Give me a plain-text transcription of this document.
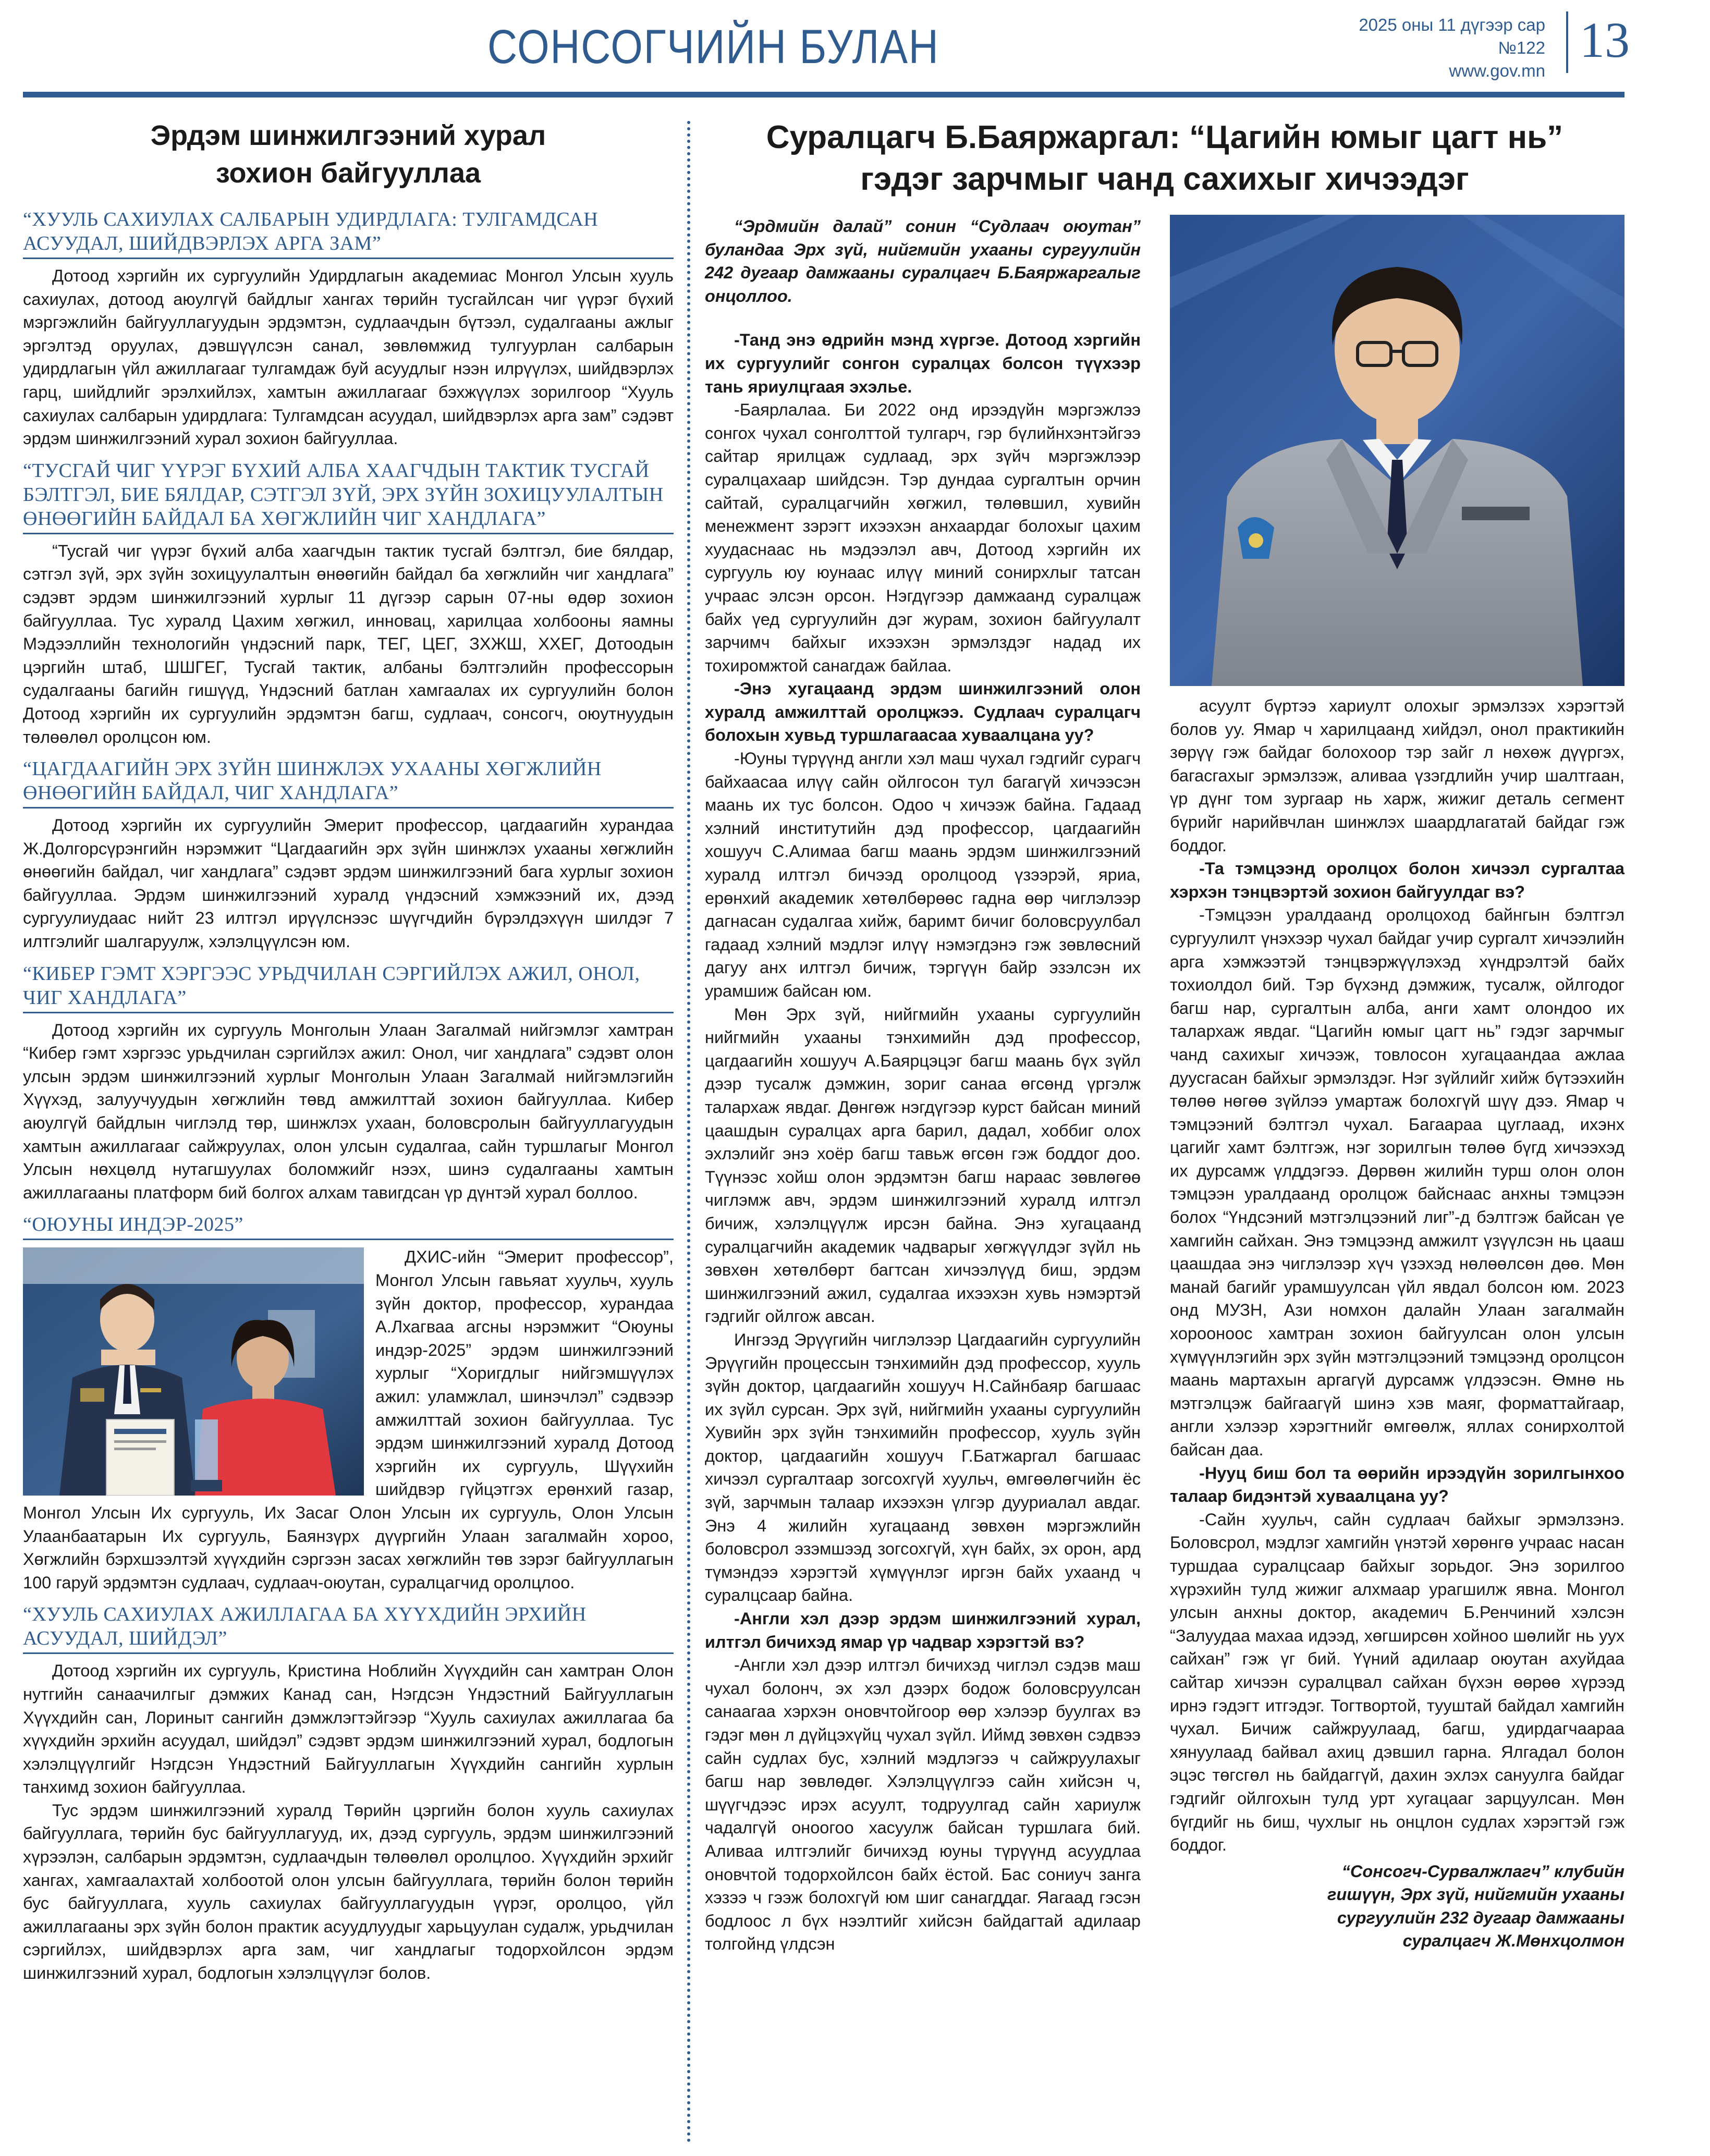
СОНСОГЧИЙН БУЛАН	2025 оны 11 дүгээр сар
№122
www.gov.mn
13
Эрдэм шинжилгээний хурал
зохион байгууллаа
“ХУУЛЬ САХИУЛАХ САЛБАРЫН УДИРДЛАГА: ТУЛГАМДСАН АСУУДАЛ, ШИЙДВЭРЛЭХ АРГА ЗАМ”

Дотоод хэргийн их сургуулийн Удирдлагын академиас Монгол Улсын хууль сахиулах, дотоод аюулгүй байдлыг хангах төрийн тусгайлсан чиг үүрэг бүхий мэргэжлийн байгууллагуудын эрдэмтэн, судлаачдын бүтээл, судалгааны ажлыг эргэлтэд оруулах, дэвшүүлсэн санал, зөвлөмжид тулгуурлан салбарын удирдлагын үйл ажиллагааг тулгамдаж буй асуудлыг нээн илрүүлэх, шийдвэрлэх гарц, шийдлийг эрэлхийлэх, хамтын ажиллагааг бэхжүүлэх зорилгоор “Хууль сахиулах салбарын удирдлага: Тулгамдсан асуудал, шийдвэрлэх арга зам” сэдэвт эрдэм шинжилгээний хурал зохион байгууллаа.

“ТУСГАЙ ЧИГ ҮҮРЭГ БҮХИЙ АЛБА ХААГЧДЫН ТАКТИК ТУСГАЙ БЭЛТГЭЛ, БИЕ БЯЛДАР, СЭТГЭЛ ЗҮЙ, ЭРХ ЗҮЙН ЗОХИЦУУЛАЛТЫН ӨНӨӨГИЙН БАЙДАЛ БА ХӨГЖЛИЙН ЧИГ ХАНДЛАГА”

“Тусгай чиг үүрэг бүхий алба хаагчдын тактик тусгай бэлтгэл, бие бялдар, сэтгэл зүй, эрх зүйн зохицуулалтын өнөөгийн байдал ба хөгжлийн чиг хандлага” сэдэвт эрдэм шинжилгээний хурлыг 11 дүгээр сарын 07-ны өдөр зохион байгууллаа. Тус хуралд Цахим хөгжил, инновац, харилцаа холбооны яамны Мэдээллийн технологийн үндэсний парк, ТЕГ, ЦЕГ, ЗХЖШ, ХХЕГ, Дотоодын цэргийн штаб, ШШГЕГ, Тусгай тактик, албаны бэлтгэлийн профессорын судалгааны багийн гишүүд, Үндэсний батлан хамгаалах их сургуулийн болон Дотоод хэргийн их сургуулийн эрдэмтэн багш, судлаач, сонсогч, оюутнуудын төлөөлөл оролцсон юм.

“ЦАГДААГИЙН ЭРХ ЗҮЙН ШИНЖЛЭХ УХААНЫ ХӨГЖЛИЙН ӨНӨӨГИЙН БАЙДАЛ, ЧИГ ХАНДЛАГА”

Дотоод хэргийн их сургуулийн Эмерит профессор, цагдаагийн хурандаа Ж.Долгорсүрэнгийн нэрэмжит “Цагдаагийн эрх зүйн шинжлэх ухааны хөгжлийн өнөөгийн байдал, чиг хандлага” сэдэвт эрдэм шинжилгээний бага хурлыг зохион байгууллаа. Эрдэм шинжилгээний хуралд үндэсний хэмжээний их, дээд сургуулиудаас нийт 23 илтгэл ирүүлснээс шүүгчдийн бүрэлдэхүүн шилдэг 7 илтгэлийг шалгаруулж, хэлэлцүүлсэн юм.

“КИБЕР ГЭМТ ХЭРГЭЭС УРЬДЧИЛАН СЭРГИЙЛЭХ АЖИЛ, ОНОЛ, ЧИГ ХАНДЛАГА”

Дотоод хэргийн их сургууль Монголын Улаан Загалмай нийгэмлэг хамтран “Кибер гэмт хэргээс урьдчилан сэргийлэх ажил: Онол, чиг хандлага” сэдэвт олон улсын эрдэм шинжилгээний хурлыг Монголын Улаан Загалмай нийгэмлэгийн Хүүхэд, залуучуудын хөгжлийн төвд амжилттай зохион байгууллаа. Кибер аюулгүй байдлын чиглэлд төр, шинжлэх ухаан, боловсролын байгууллагуудын хамтын ажиллагааг сайжруулах, олон улсын судалгаа, сайн туршлагыг Монгол Улсын нөхцөлд нутагшуулах боломжийг нээх, шинэ судалгааны хамтын ажиллагааны платформ бий болгох алхам тавигдсан үр дүнтэй хурал боллоо.

“ОЮУНЫ ИНДЭР-2025”

ДХИС-ийн “Эмерит профессор”, Монгол Улсын гавьяат хуульч, хууль зүйн доктор, профессор, хурандаа А.Лхагваа агсны нэрэмжит “Оюуны индэр-2025” эрдэм шинжилгээний хурлыг “Хоригдлыг нийгэмшүүлэх ажил: уламжлал, шинэчлэл” сэдвээр амжилттай зохион байгууллаа. Тус эрдэм шинжилгээний хуралд Дотоод хэргийн их сургууль, Шүүхийн шийдвэр гүйцэтгэх ерөнхий газар, Монгол Улсын Их сургууль, Их Засаг Олон Улсын их сургууль, Олон Улсын Улаанбаатарын Их сургууль, Баянзүрх дүүргийн Улаан загалмайн хороо, Хөгжлийн бэрхшээлтэй хүүхдийн сэргээн засах хөгжлийн төв зэрэг байгууллагын 100 гаруй эрдэмтэн судлаач, судлаач-оюутан, суралцагчид оролцлоо.

“ХУУЛЬ САХИУЛАХ АЖИЛЛАГАА БА ХҮҮХДИЙН ЭРХИЙН АСУУДАЛ, ШИЙДЭЛ”

Дотоод хэргийн их сургууль, Кристина Ноблийн Хүүхдийн сан хамтран Олон нутгийн санаачилгыг дэмжих Канад сан, Нэгдсэн Үндэстний Байгууллагын Хүүхдийн сан, Лориныт сангийн дэмжлэгтэйгээр “Хууль сахиулах ажиллагаа ба хүүхдийн эрхийн асуудал, шийдэл” сэдэвт эрдэм шинжилгээний хурал, бодлогын хэлэлцүүлгийг Нэгдсэн Үндэстний Байгууллагын Хүүхдийн сангийн хурлын танхимд зохион байгууллаа.

Тус эрдэм шинжилгээний хуралд Төрийн цэргийн болон хууль сахиулах байгууллага, төрийн бус байгууллагууд, их, дээд сургууль, эрдэм шинжилгээний хүрээлэн, салбарын эрдэмтэн, судлаачдын төлөөлөл оролцлоо. Хүүхдийн эрхийг хангах, хамгаалахтай холбоотой олон улсын байгууллага, төрийн болон төрийн бус байгууллага, хууль сахиулах байгууллагуудын үүрэг, оролцоо, үйл ажиллагааны эрх зүйн болон практик асуудлуудыг харьцуулан судалж, урьдчилан сэргийлэх, шийдвэрлэх арга зам, чиг хандлагыг тодорхойлсон эрдэм шинжилгээний хурал, бодлогын хэлэлцүүлэг болов.

Суралцагч Б.Баяржаргал: “Цагийн юмыг цагт нь”
гэдэг зарчмыг чанд сахихыг хичээдэг

“Эрдмийн далай” сонин “Судлаач оюутан” буландаа Эрх зүй, нийгмийн ухааны сургуулийн 242 дугаар дамжааны суралцагч Б.Баяржаргалыг онцоллоо.

-Танд энэ өдрийн мэнд хүргэе. Дотоод хэргийн их сургуулийг сонгон суралцах болсон түүхээр тань яриулцгаая эхэлье.

-Баярлалаа. Би 2022 онд ирээдүйн мэргэжлээ сонгох чухал сонголттой тулгарч, гэр бүлийнхэнтэйгээ сайтар ярилцаж судлаад, эрх зүйч мэргэжлээр суралцахаар шийдсэн. Тэр дундаа сургалтын орчин сайтай, суралцагчийн хөгжил, төлөвшил, хувийн менежмент зэрэгт ихээхэн анхаардаг болохыг цахим хуудаснаас нь мэдээлэл авч, Дотоод хэргийн их сургууль юу юунаас илүү миний сонирхлыг татсан учраас элсэн орсон. Нэгдүгээр дамжаанд суралцаж байх үед сургуулийн дэг журам, зохион байгуулалт зарчимч байхыг ихээхэн эрмэлздэг надад их тохиромжтой санагдаж байлаа.

-Энэ хугацаанд эрдэм шинжилгээний олон хуралд амжилттай оролцжээ. Судлаач суралцагч болохын хувьд туршлагаасаа хуваалцана уу?

-Юуны түрүүнд англи хэл маш чухал гэдгийг сурагч байхаасаа илүү сайн ойлгосон тул багагүй хичээсэн маань их тус болсон. Одоо ч хичээж байна. Гадаад хэлний институтийн дэд профессор, цагдаагийн хошууч С.Алимаа багш маань эрдэм шинжилгээний хуралд илтгэл бичээд оролцоод үзээрэй, яриа, ерөнхий академик хөтөлбөрөөс гадна өөр чиглэлээр дагнасан судалгаа хийж, баримт бичиг боловсруулбал гадаад хэлний мэдлэг илүү нэмэгдэнэ гэж зөвлөсний дагуу анх илтгэл бичиж, тэргүүн байр эзэлсэн их урамшиж байсан юм.

Мөн Эрх зүй, нийгмийн ухааны сургуулийн нийгмийн ухааны тэнхимийн дэд профессор, цагдаагийн хошууч А.Баярцэцэг багш маань бүх зүйл дээр тусалж дэмжин, зориг санаа өгсөнд үргэлж талархаж явдаг. Дөнгөж нэгдүгээр курст байсан миний цаашдын суралцах арга барил, дадал, хоббиг олох эхлэлийг энэ хоёр багш тавьж өгсөн гэж боддог доо. Түүнээс хойш олон эрдэмтэн багш нараас зөвлөгөө чиглэмж авч, эрдэм шинжилгээний хуралд илтгэл бичиж, хэлэлцүүлж ирсэн байна. Энэ хугацаанд суралцагчийн академик чадварыг хөгжүүлдэг зүйл нь зөвхөн хөтөлбөрт багтсан хичээлүүд биш, эрдэм шинжилгээний ажил, судалгаа ихээхэн хувь нэмэртэй гэдгийг ойлгож авсан.

Ингээд Эрүүгийн чиглэлээр Цагдаагийн сургуулийн Эрүүгийн процессын тэнхимийн дэд профессор, хууль зүйн доктор, цагдаагийн хошууч Н.Сайнбаяр багшаас их зүйл сурсан. Эрх зүй, нийгмийн ухааны сургуулийн Хувийн эрх зүйн тэнхимийн профессор, хууль зүйн доктор, цагдаагийн хошууч Г.Батжаргал багшаас хичээл сургалтаар зогсохгүй хуульч, өмгөөлөгчийн ёс зүй, зарчмын талаар ихээхэн үлгэр дууриалал авдаг. Энэ 4 жилийн хугацаанд зөвхөн мэргэжлийн боловсрол эзэмшээд зогсохгүй, хүн байх, эх орон, ард түмэндээ хэрэгтэй хүмүүнлэг иргэн байх ухаанд ч суралцсаар байна.

-Англи хэл дээр эрдэм шинжилгээний хурал, илтгэл бичихэд ямар үр чадвар хэрэгтэй вэ?

-Англи хэл дээр илтгэл бичихэд чиглэл сэдэв маш чухал болонч, эх хэл дээрх бодож боловсруулсан санаагаа хэрхэн оновчтойгоор өөр хэлээр буулгах вэ гэдэг мөн л дүйцэхүйц чухал зүйл. Иймд зөвхөн сэдвээ сайн судлах бус, хэлний мэдлэгээ ч сайжруулахыг багш нар зөвлөдөг. Хэлэлцүүлгээ сайн хийсэн ч, шүүгчдээс ирэх асуулт, тодруулгад сайн хариулж чадалгүй оноогоо хасуулж байсан туршлага бий. Аливаа илтгэлийг бичихэд юуны түрүүнд асуудлаа оновчтой тодорхойлсон байх ёстой. Бас сониуч занга хэзээ ч гээж болохгүй юм шиг санагддаг. Яагаад гэсэн бодлоос л бүх нээлтийг хийсэн байдагтай адилаар толгойнд үлдсэн

асуулт бүртээ хариулт олохыг эрмэлзэх хэрэгтэй болов уу. Ямар ч харилцаанд хийдэл, онол практикийн зөрүү гэж байдаг болохоор тэр зайг л нөхөж дүүргэх, багасгахыг эрмэлзэж, аливаа үзэгдлийн учир шалтгаан, үр дүнг том зургаар нь харж, жижиг деталь сегмент бүрийг нарийвчлан шинжлэх шаардлагатай байдаг гэж боддог.

-Та тэмцээнд оролцох болон хичээл сургалтаа хэрхэн тэнцвэртэй зохион байгуулдаг вэ?

-Тэмцээн уралдаанд оролцоход байнгын бэлтгэл сургуулилт үнэхээр чухал байдаг учир сургалт хичээлийн арга хэмжээтэй тэнцвэржүүлэхэд хүндрэлтэй байх тохиолдол бий. Тэр бүхэнд дэмжиж, тусалж, ойлгодог багш нар, сургалтын алба, анги хамт олондоо их талархаж явдаг. “Цагийн юмыг цагт нь” гэдэг зарчмыг чанд сахихыг хичээж, товлосон хугацаандаа ажлаа дуусгасан байхыг эрмэлздэг. Нэг зүйлийг хийж бүтээхийн төлөө нөгөө зүйлээ умартаж болохгүй шүү дээ. Ямар ч тэмцээний бэлтгэл чухал. Багаараа цуглаад, ихэнх цагийг хамт бэлтгэж, нэг зорилгын төлөө бүгд хичээхэд их дурсамж үлддэгээ. Дөрвөн жилийн турш олон олон тэмцээн уралдаанд оролцож байснаас анхны тэмцээн болох “Үндсэний мэтгэлцээний лиг”-д бэлтгэж байсан үе хамгийн сайхан. Энэ тэмцээнд амжилт үзүүлсэн нь цааш цаашдаа энэ чиглэлээр хүч үзэхэд нөлөөлсөн дөө. Мөн манай багийг урамшуулсан үйл явдал болсон юм. 2023 онд МУЗН, Ази номхон далайн Улаан загалмайн хорооноос хамтран зохион байгуулсан олон улсын хүмүүнлэгийн эрх зүйн мэтгэлцээний тэмцээнд оролцсон маань мартахын аргагүй дурсамж үлдээсэн. Өмнө нь мэтгэлцэж байгаагүй шинэ хэв маяг, форматтайгаар, англи хэлээр хэрэгтнийг өмгөөлж, яллах сонирхолтой байсан даа.

-Нууц биш бол та өөрийн ирээдүйн зорилгынхоо талаар бидэнтэй хуваалцана уу?

-Сайн хуульч, сайн судлаач байхыг эрмэлзэнэ. Боловсрол, мэдлэг хамгийн үнэтэй хөрөнгө учраас насан туршдаа суралцсаар байхыг зорьдог. Энэ зорилгоо хүрэхийн тулд жижиг алхмаар урагшилж явна. Монгол улсын анхны доктор, академич Б.Ренчиний хэлсэн “Залуудаа махаа идээд, хөгширсөн хойноо шөлийг нь уух сайхан” гэж үг бий. Үүний адилаар оюутан ахуйдаа сайтар хичээн суралцвал сайхан бүхэн өөрөө хүрээд ирнэ гэдэгт итгэдэг. Тогтвортой, тууштай байдал хамгийн чухал. Бичиж сайжруулаад, багш, удирдагчаараа хянуулаад байвал ахиц дэвшил гарна. Ялгадал болон эцэс төгсгөл нь байдаггүй, дахин эхлэх сануулга байдаг гэдгийг ойлгохын тулд урт хугацааг зарцуулсан. Мөн бүгдийг нь биш, чухлыг нь онцлон судлах хэрэгтэй гэж боддог.

“Сонсогч-Сурвалжлагч” клубийн
гишүүн, Эрх зүй, нийгмийн ухааны
сургуулийн 232 дугаар дамжааны
суралцагч Ж.Мөнхцолмон
